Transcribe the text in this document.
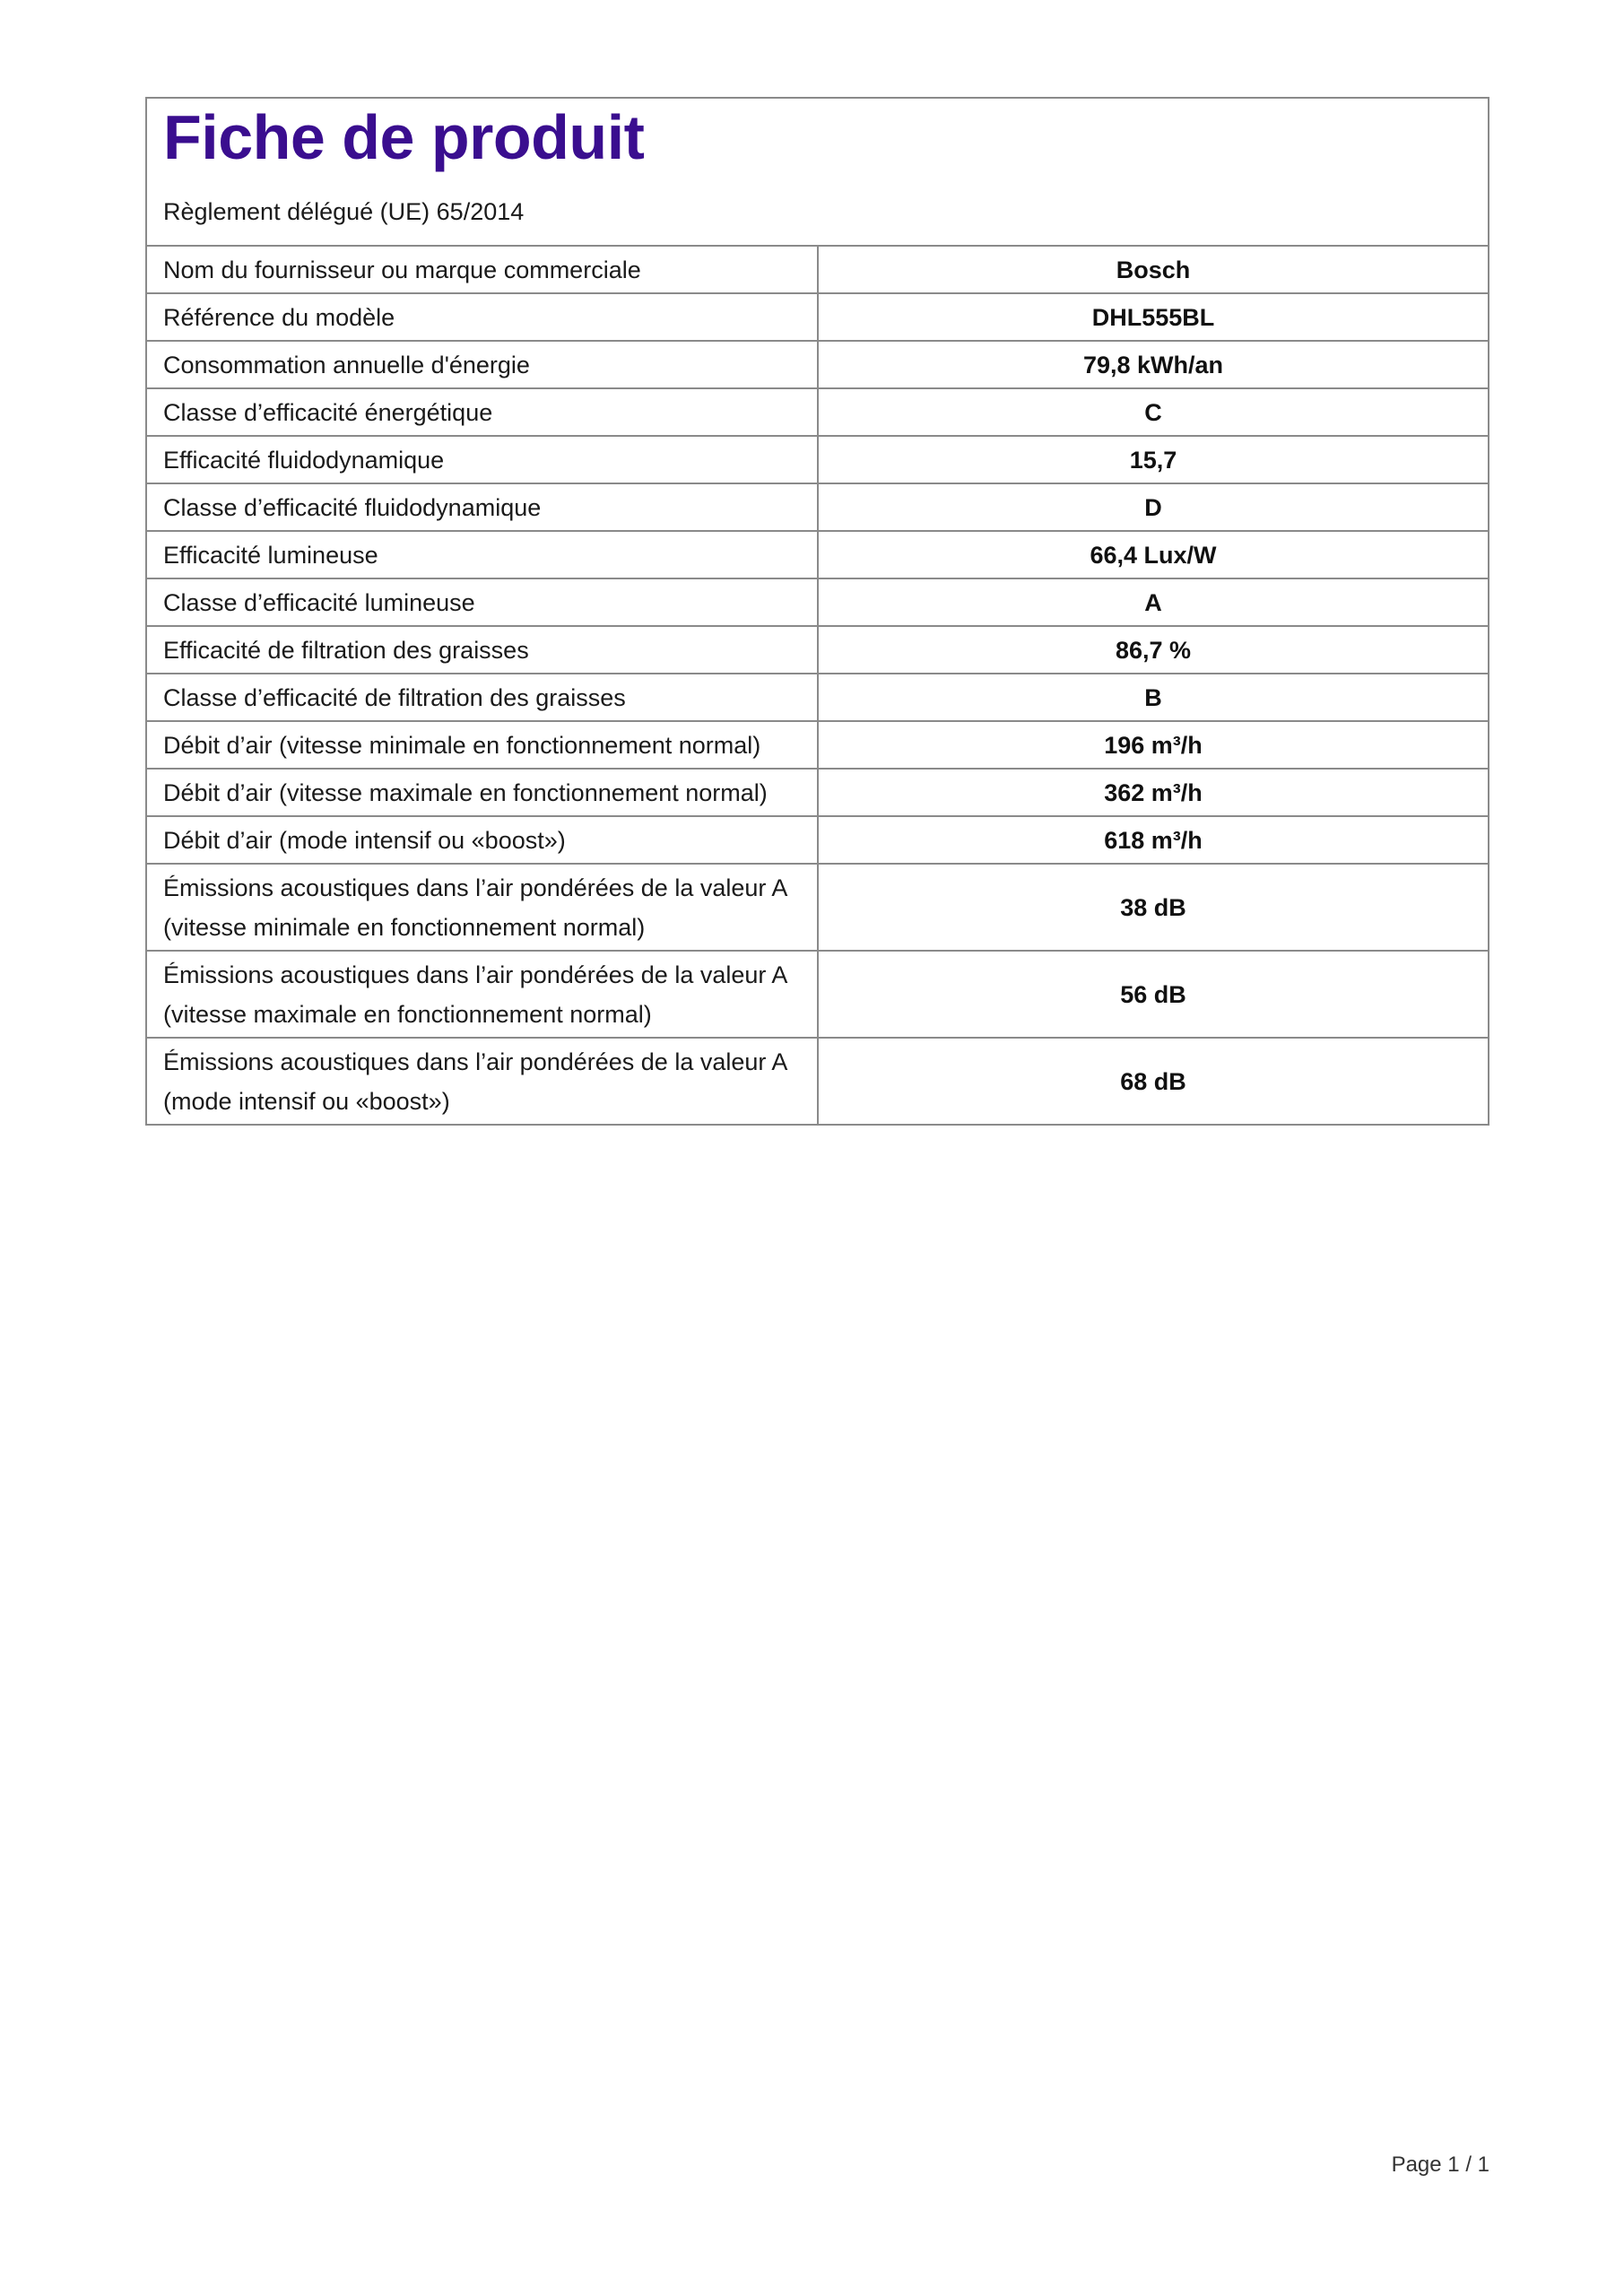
Fiche de produit
Règlement délégué (UE) 65/2014
Nom du fournisseur ou marque commerciale	Bosch
Référence du modèle	DHL555BL
Consommation annuelle d'énergie	79,8 kWh/an
Classe d’efficacité énergétique	C
Efficacité fluidodynamique	15,7
Classe d’efficacité fluidodynamique	D
Efficacité lumineuse	66,4 Lux/W
Classe d’efficacité lumineuse	A
Efficacité de filtration des graisses	86,7 %
Classe d’efficacité de filtration des graisses	B
Débit d’air (vitesse minimale en fonctionnement normal)	196 m³/h
Débit d’air (vitesse maximale en fonctionnement normal)	362 m³/h
Débit d’air (mode intensif ou «boost»)	618 m³/h

Émissions acoustiques dans l’air pondérées de la valeur A
(vitesse minimale en fonctionnement normal)	38 dB

Émissions acoustiques dans l’air pondérées de la valeur A
(vitesse maximale en fonctionnement normal)	56 dB

Émissions acoustiques dans l’air pondérées de la valeur A
(mode intensif ou «boost»)	68 dB
Page 1 / 1
